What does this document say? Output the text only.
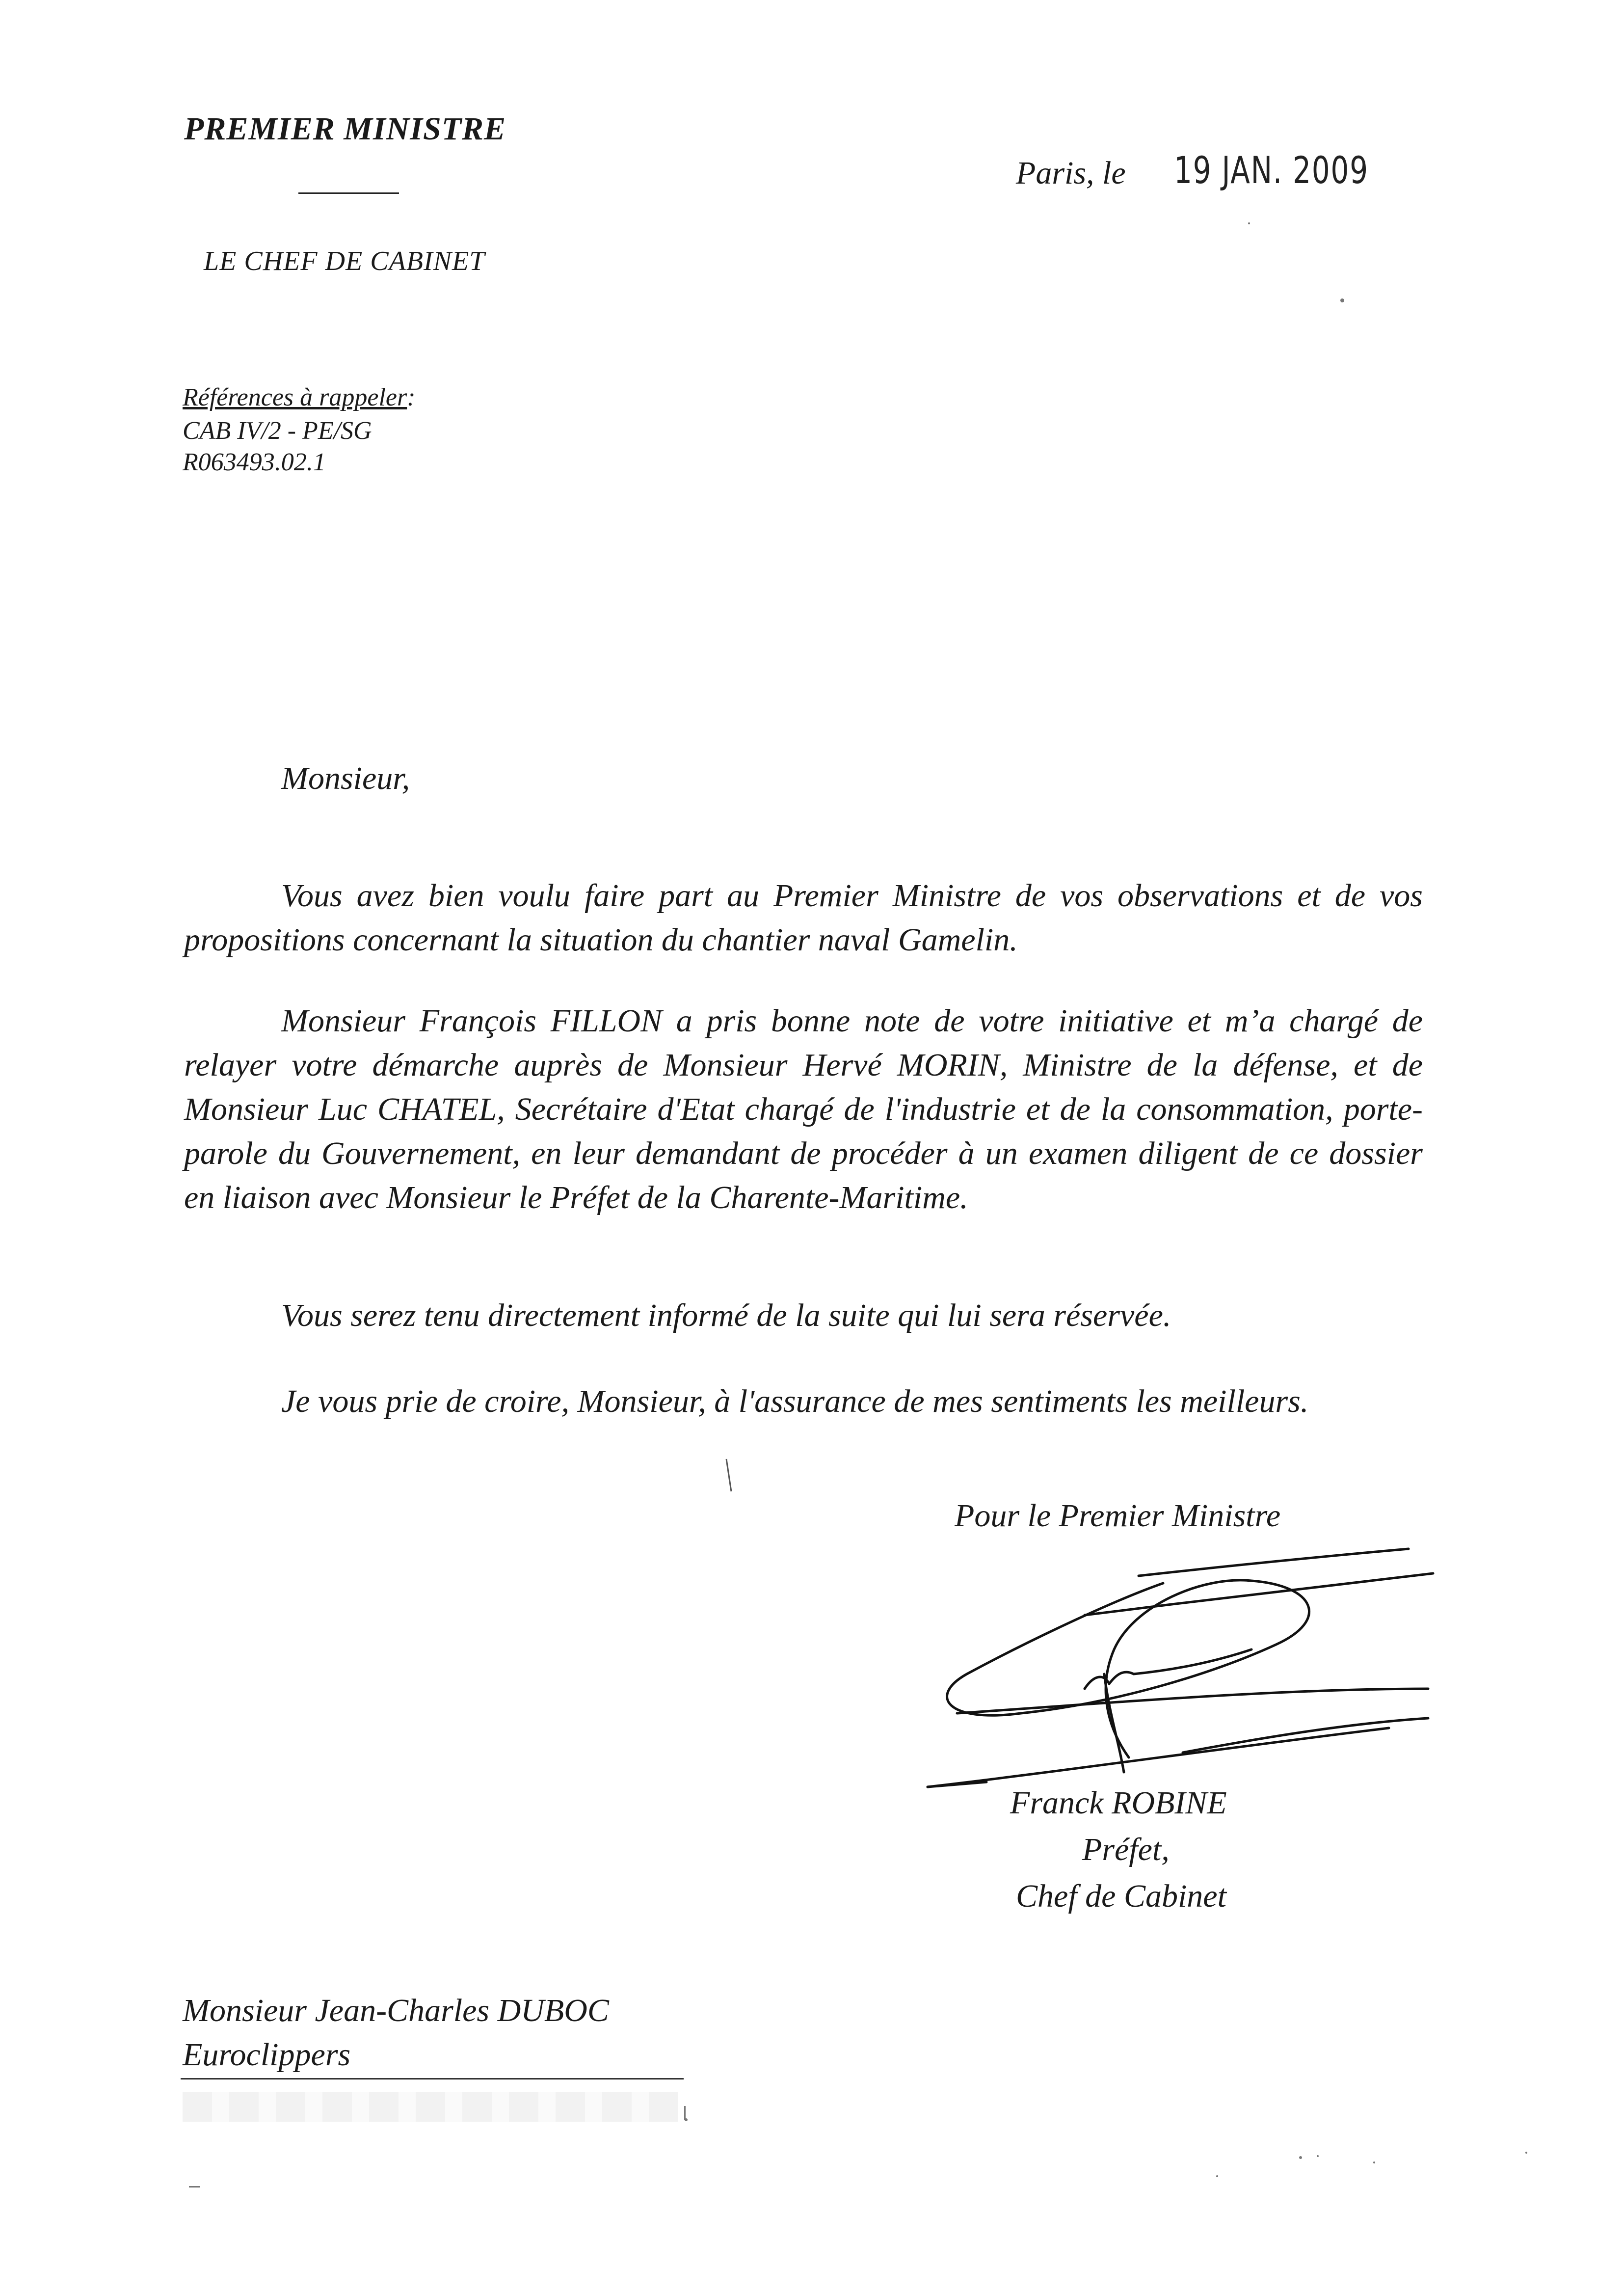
PREMIER MINISTRE
LE CHEF DE CABINET
Paris, le 19 JAN. 2009
Références à rappeler:
CAB IV/2 - PE/SG
R063493.02.1
Monsieur,

Vous avez bien voulu faire part au Premier Ministre de vos observations et de vos propositions concernant la situation du chantier naval Gamelin.

Monsieur François FILLON a pris bonne note de votre initiative et m’a chargé de relayer votre démarche auprès de Monsieur Hervé MORIN, Ministre de la défense, et de Monsieur Luc CHATEL, Secrétaire d'Etat chargé de l'industrie et de la consommation, porte-parole du Gouvernement, en leur demandant de procéder à un examen diligent de ce dossier en liaison avec Monsieur le Préfet de la Charente-Maritime.

Vous serez tenu directement informé de la suite qui lui sera réservée.

Je vous prie de croire, Monsieur, à l'assurance de mes sentiments les meilleurs.

Pour le Premier Ministre
Franck ROBINE
Préfet,
Chef de Cabinet
Monsieur Jean-Charles DUBOC
Euroclippers
